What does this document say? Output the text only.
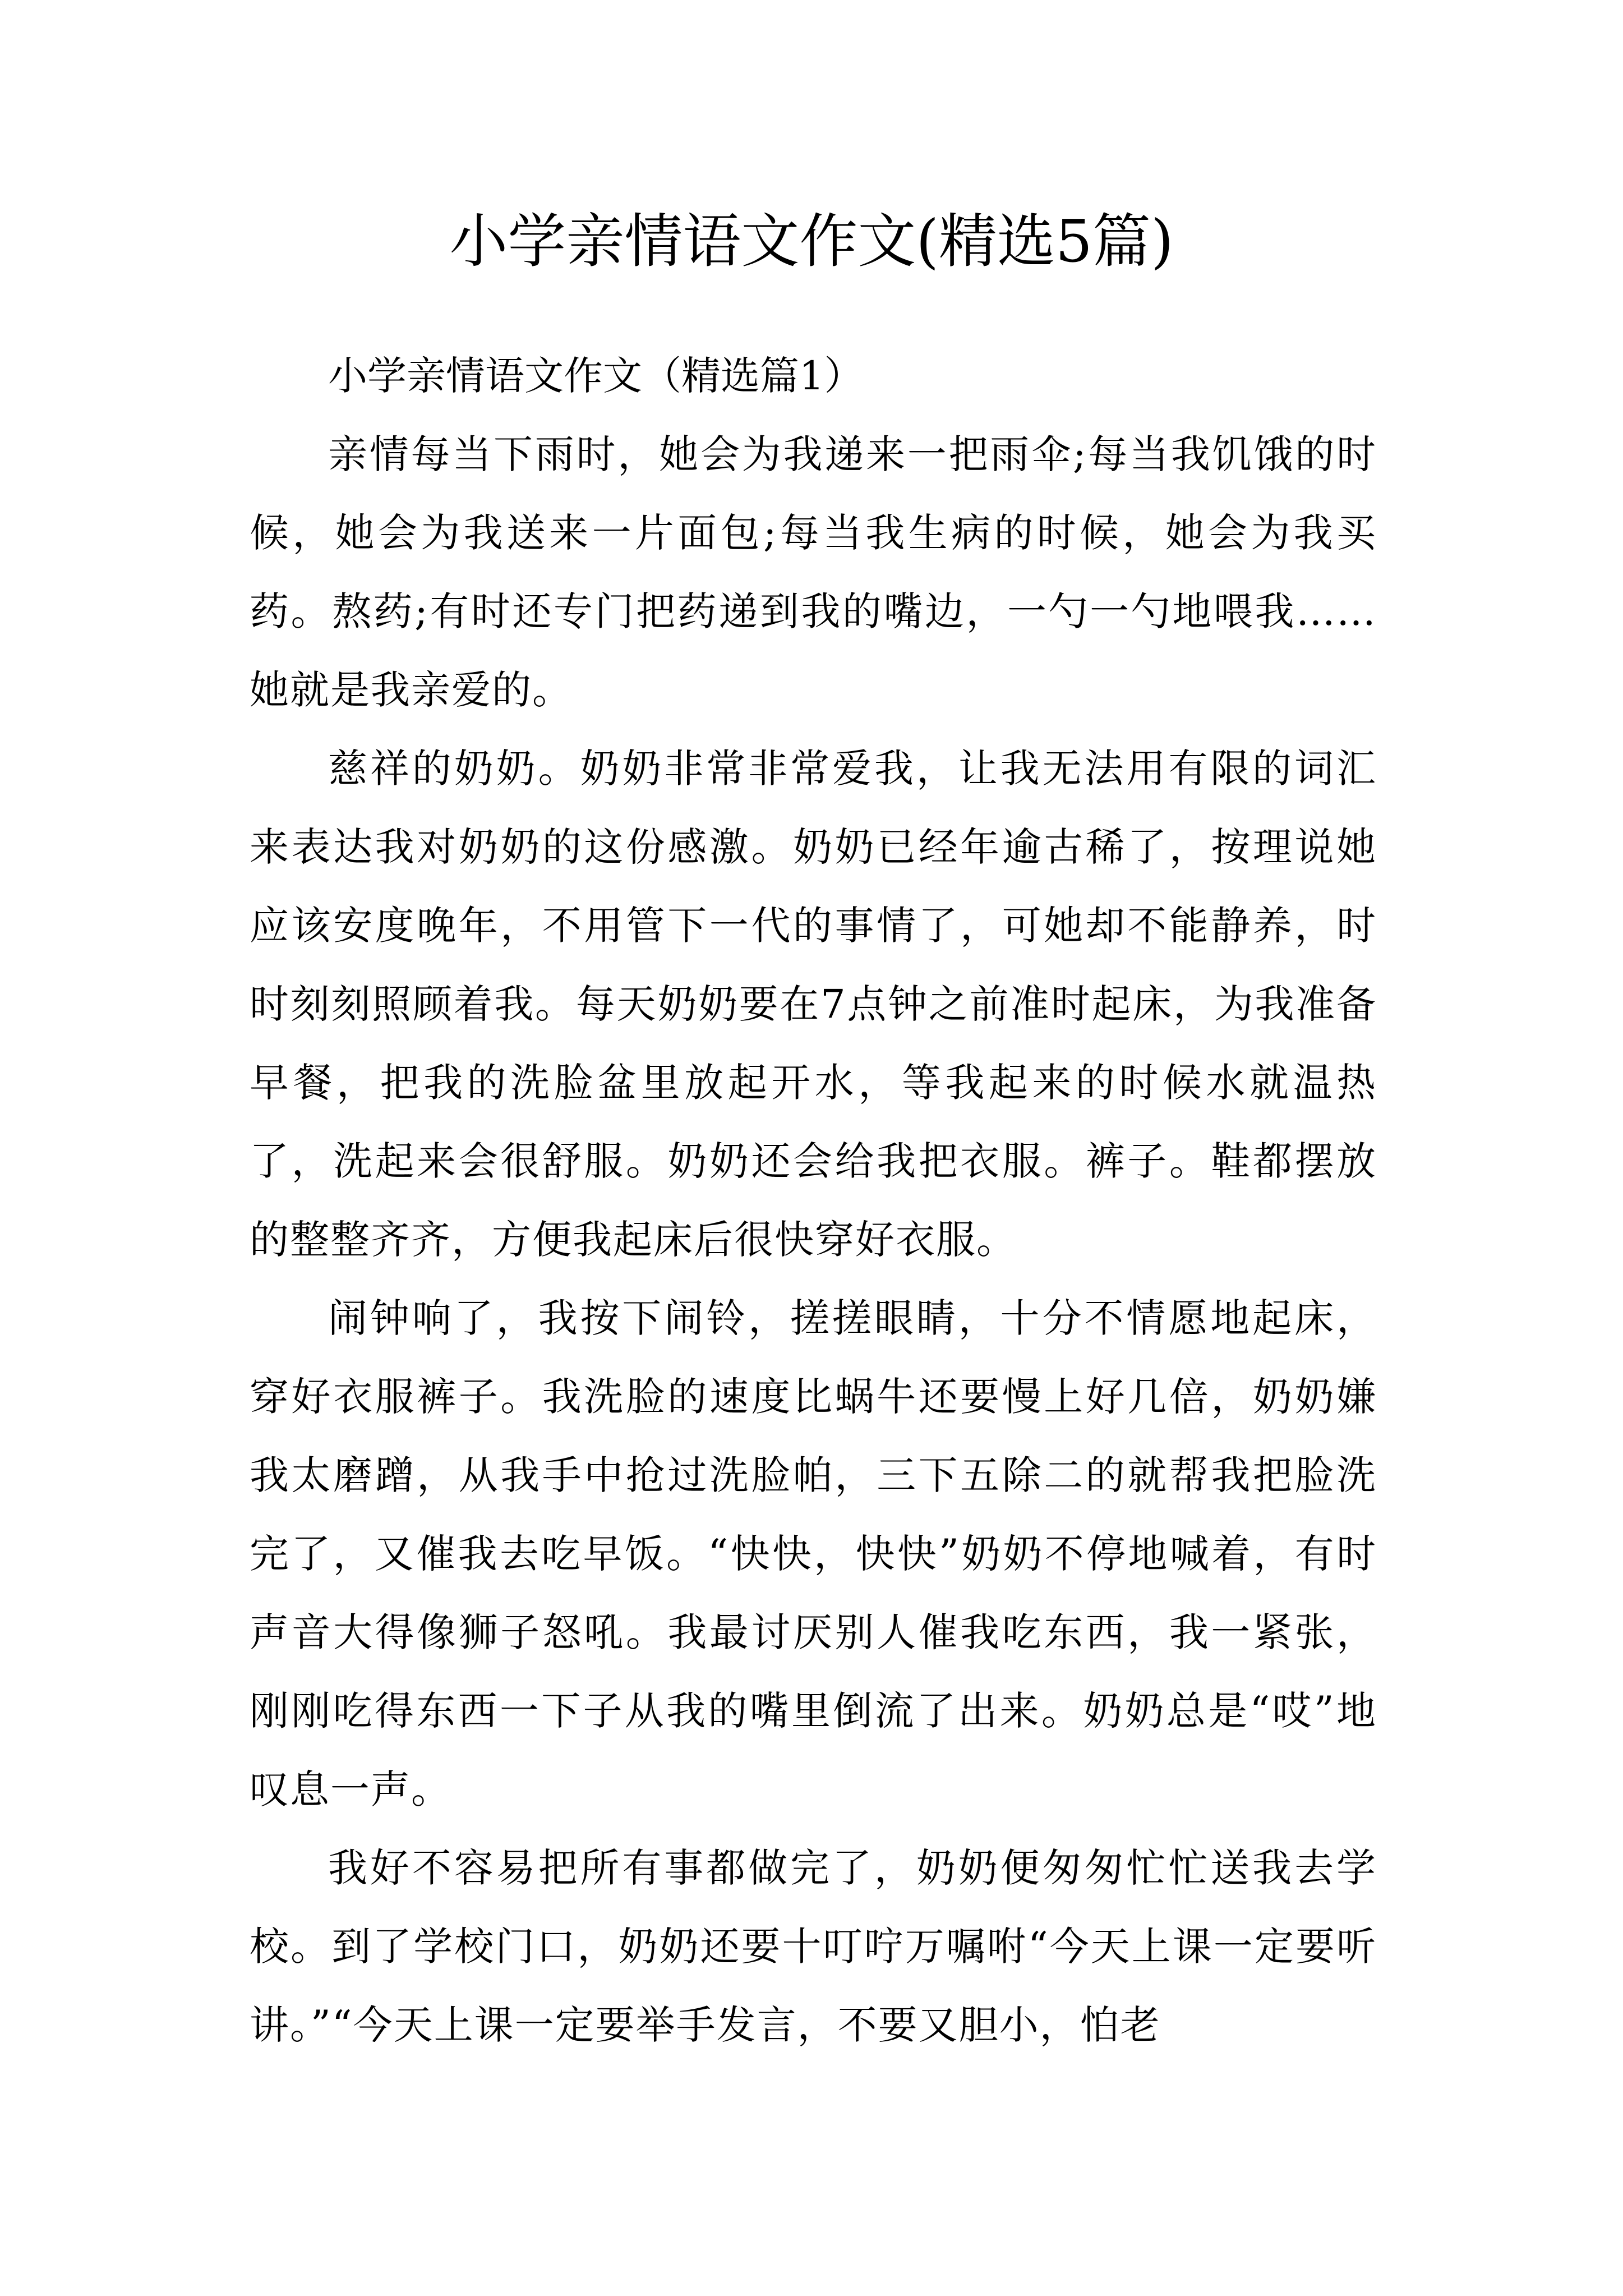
小学亲情语文作文(精选5篇)

小学亲情语文作文（精选篇1）

亲情每当下雨时，她会为我递来一把雨伞;每当我饥饿的时候，她会为我送来一片面包;每当我生病的时候，她会为我买药。熬药;有时还专门把药递到我的嘴边，一勺一勺地喂我……她就是我亲爱的。

慈祥的奶奶。奶奶非常非常爱我，让我无法用有限的词汇来表达我对奶奶的这份感激。奶奶已经年逾古稀了，按理说她应该安度晚年，不用管下一代的事情了，可她却不能静养，时时刻刻照顾着我。每天奶奶要在7点钟之前准时起床，为我准备早餐，把我的洗脸盆里放起开水，等我起来的时候水就温热了，洗起来会很舒服。奶奶还会给我把衣服。裤子。鞋都摆放的整整齐齐，方便我起床后很快穿好衣服。

闹钟响了，我按下闹铃，搓搓眼睛，十分不情愿地起床，穿好衣服裤子。我洗脸的速度比蜗牛还要慢上好几倍，奶奶嫌我太磨蹭，从我手中抢过洗脸帕，三下五除二的就帮我把脸洗完了，又催我去吃早饭。“快快，快快”奶奶不停地喊着，有时声音大得像狮子怒吼。我最讨厌别人催我吃东西，我一紧张，刚刚吃得东西一下子从我的嘴里倒流了出来。奶奶总是“哎”地叹息一声。

我好不容易把所有事都做完了，奶奶便匆匆忙忙送我去学校。到了学校门口，奶奶还要十叮咛万嘱咐“今天上课一定要听讲。”“今天上课一定要举手发言，不要又胆小，怕老
